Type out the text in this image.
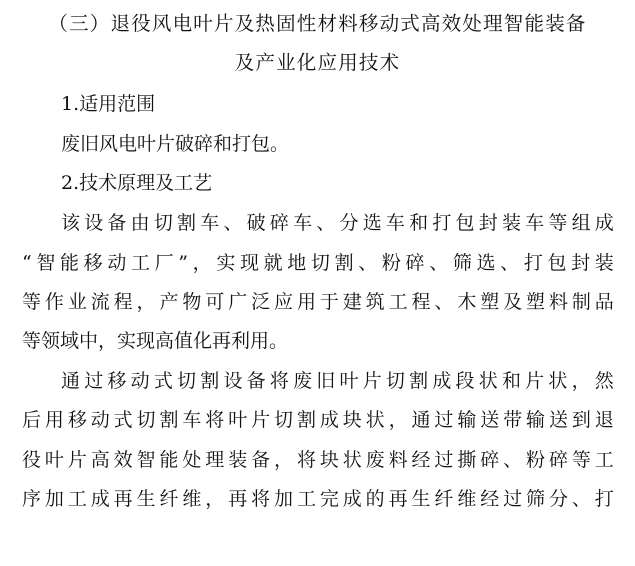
（三）退役风电叶片及热固性材料移动式高效处理智能装备
及产业化应用技术
1.适用范围
废旧风电叶片破碎和打包。
2.技术原理及工艺
该设备由切割车、破碎车、分选车和打包封装车等组成
“智能移动工厂”，实现就地切割、粉碎、筛选、打包封装
等作业流程，产物可广泛应用于建筑工程、木塑及塑料制品
等领域中，实现高值化再利用。
通过移动式切割设备将废旧叶片切割成段状和片状，然
后用移动式切割车将叶片切割成块状，通过输送带输送到退
役叶片高效智能处理装备，将块状废料经过撕碎、粉碎等工
序加工成再生纤维，再将加工完成的再生纤维经过筛分、打
